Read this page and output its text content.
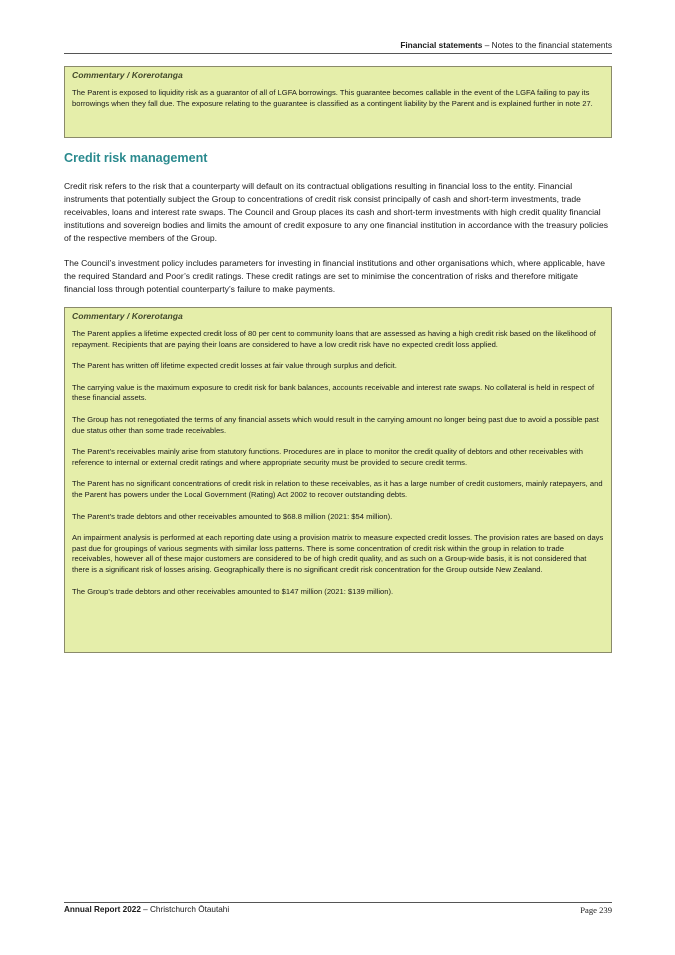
Financial statements – Notes to the financial statements
Commentary / Korerotanga

The Parent is exposed to liquidity risk as a guarantor of all of LGFA borrowings. This guarantee becomes callable in the event of the LGFA failing to pay its borrowings when they fall due. The exposure relating to the guarantee is classified as a contingent liability by the Parent and is explained further in note 27.

Credit risk management

Credit risk refers to the risk that a counterparty will default on its contractual obligations resulting in financial loss to the entity. Financial instruments that potentially subject the Group to concentrations of credit risk consist principally of cash and short-term investments, trade receivables, loans and interest rate swaps. The Council and Group places its cash and short-term investments with high credit quality financial institutions and sovereign bodies and limits the amount of credit exposure to any one financial institution in accordance with the treasury policies of the respective members of the Group.

The Council’s investment policy includes parameters for investing in financial institutions and other organisations which, where applicable, have the required Standard and Poor’s credit ratings. These credit ratings are set to minimise the concentration of risks and therefore mitigate financial loss through potential counterparty’s failure to make payments.

Commentary / Korerotanga

The Parent applies a lifetime expected credit loss of 80 per cent to community loans that are assessed as having a high credit risk based on the likelihood of repayment. Recipients that are paying their loans are considered to have a low credit risk have no expected credit loss applied.

The Parent has written off lifetime expected credit losses at fair value through surplus and deficit.

The carrying value is the maximum exposure to credit risk for bank balances, accounts receivable and interest rate swaps. No collateral is held in respect of these financial assets.

The Group has not renegotiated the terms of any financial assets which would result in the carrying amount no longer being past due to avoid a possible past due status other than some trade receivables.

The Parent’s receivables mainly arise from statutory functions. Procedures are in place to monitor the credit quality of debtors and other receivables with reference to internal or external credit ratings and where appropriate security must be provided to secure credit terms.

The Parent has no significant concentrations of credit risk in relation to these receivables, as it has a large number of credit customers, mainly ratepayers, and the Parent has powers under the Local Government (Rating) Act 2002 to recover outstanding debts.

The Parent’s trade debtors and other receivables amounted to $68.8 million (2021: $54 million).

An impairment analysis is performed at each reporting date using a provision matrix to measure expected credit losses. The provision rates are based on days past due for groupings of various segments with similar loss patterns. There is some concentration of credit risk within the group in relation to trade receivables, however all of these major customers are considered to be of high credit quality, and as such on a Group-wide basis, it is not considered that there is a significant risk of losses arising. Geographically there is no significant credit risk concentration for the Group outside New Zealand.

The Group’s trade debtors and other receivables amounted to $147 million (2021: $139 million).

Annual Report 2022 – Christchurch Ōtautahi	Page 239
